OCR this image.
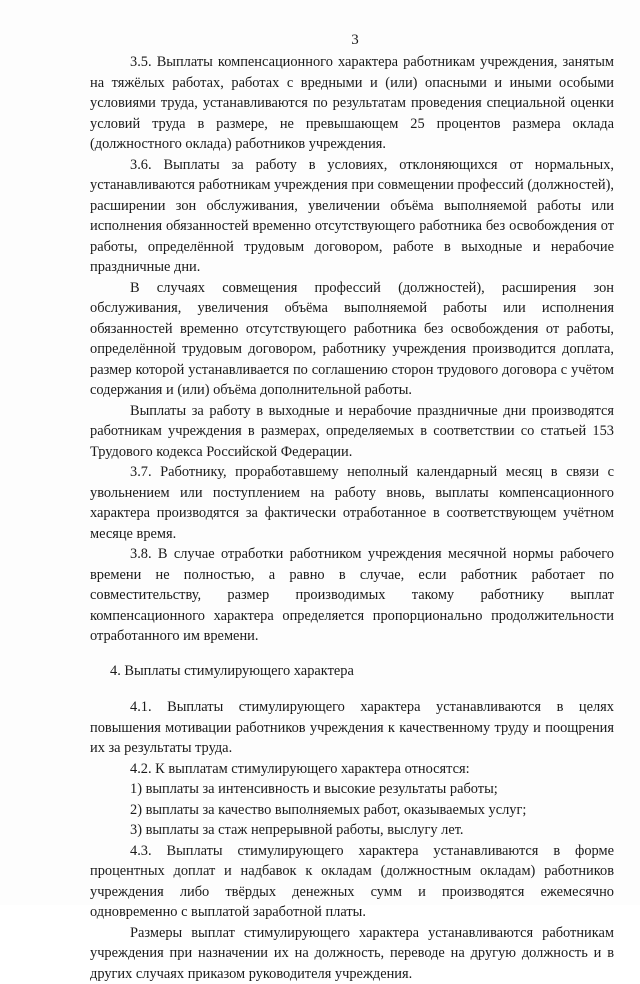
3

3.5. Выплаты компенсационного характера работникам учреждения, занятым на тяжёлых работах, работах с вредными и (или) опасными и иными особыми условиями труда, устанавливаются по результатам проведения специальной оценки условий труда в размере, не превышающем 25 процентов размера оклада (должностного оклада) работников учреждения.

3.6. Выплаты за работу в условиях, отклоняющихся от нормальных, устанавливаются работникам учреждения при совмещении профессий (должностей), расширении зон обслуживания, увеличении объёма выполняемой работы или исполнения обязанностей временно отсутствующего работника без освобождения от работы, определённой трудовым договором, работе в выходные и нерабочие праздничные дни.

В случаях совмещения профессий (должностей), расширения зон обслуживания, увеличения объёма выполняемой работы или исполнения обязанностей временно отсутствующего работника без освобождения от работы, определённой трудовым договором, работнику учреждения производится доплата, размер которой устанавливается по соглашению сторон трудового договора с учётом содержания и (или) объёма дополнительной работы.

Выплаты за работу в выходные и нерабочие праздничные дни производятся работникам учреждения в размерах, определяемых в соответствии со статьей 153 Трудового кодекса Российской Федерации.

3.7. Работнику, проработавшему неполный календарный месяц в связи с увольнением или поступлением на работу вновь, выплаты компенсационного характера производятся за фактически отработанное в соответствующем учётном месяце время.

3.8. В случае отработки работником учреждения месячной нормы рабочего времени не полностью, а равно в случае, если работник работает по совместительству, размер производимых такому работнику выплат компенсационного характера определяется пропорционально продолжительности отработанного им времени.

4. Выплаты стимулирующего характера

4.1. Выплаты стимулирующего характера устанавливаются в целях повышения мотивации работников учреждения к качественному труду и поощрения их за результаты труда.

4.2. К выплатам стимулирующего характера относятся:

1) выплаты за интенсивность и высокие результаты работы;

2) выплаты за качество выполняемых работ, оказываемых услуг;

3) выплаты за стаж непрерывной работы, выслугу лет.

4.3. Выплаты стимулирующего характера устанавливаются в форме процентных доплат и надбавок к окладам (должностным окладам) работников учреждения либо твёрдых денежных сумм и производятся ежемесячно одновременно с выплатой заработной платы.

Размеры выплат стимулирующего характера устанавливаются работникам учреждения при назначении их на должность, переводе на другую должность и в других случаях приказом руководителя учреждения.
